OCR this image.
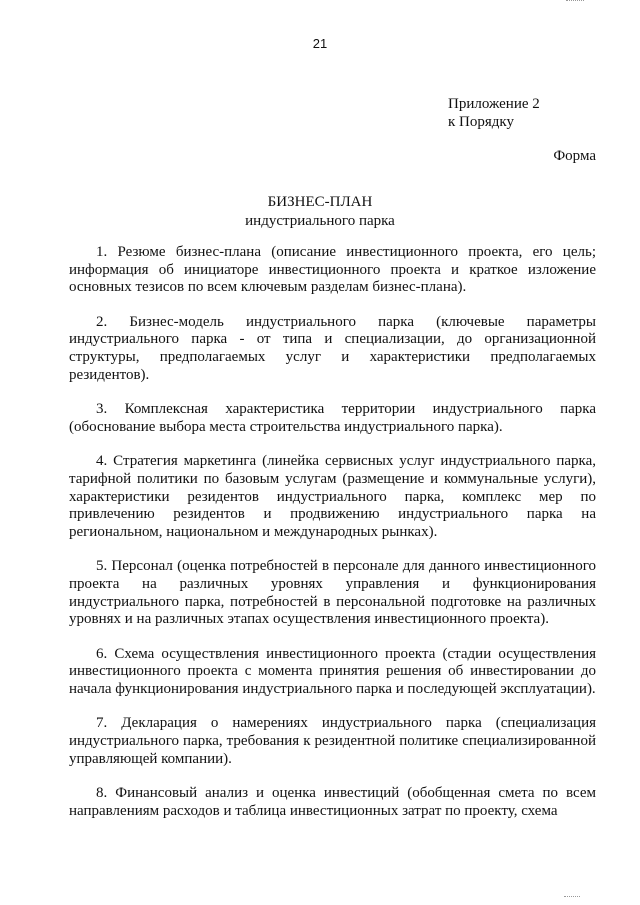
21
Приложение 2
к Порядку
Форма
БИЗНЕС-ПЛАН
индустриального парка

1. Резюме бизнес-плана (описание инвестиционного проекта, его цель; информация об инициаторе инвестиционного проекта и краткое изложение основных тезисов по всем ключевым разделам бизнес-плана).

2. Бизнес-модель индустриального парка (ключевые параметры индустриального парка - от типа и специализации, до организационной структуры, предполагаемых услуг и характеристики предполагаемых резидентов).

3. Комплексная характеристика территории индустриального парка (обоснование выбора места строительства индустриального парка).

4. Стратегия маркетинга (линейка сервисных услуг индустриального парка, тарифной политики по базовым услугам (размещение и коммунальные услуги), характеристики резидентов индустриального парка, комплекс мер по привлечению резидентов и продвижению индустриального парка на региональном, национальном и международных рынках).

5. Персонал (оценка потребностей в персонале для данного инвестиционного проекта на различных уровнях управления и функционирования индустриального парка, потребностей в персональной подготовке на различных уровнях и на различных этапах осуществления инвестиционного проекта).

6. Схема осуществления инвестиционного проекта (стадии осуществления инвестиционного проекта с момента принятия решения об инвестировании до начала функционирования индустриального парка и последующей эксплуатации).

7. Декларация о намерениях индустриального парка (специализация индустриального парка, требования к резидентной политике специализированной управляющей компании).

8. Финансовый анализ и оценка инвестиций (обобщенная смета по всем направлениям расходов и таблица инвестиционных затрат по проекту, схема
